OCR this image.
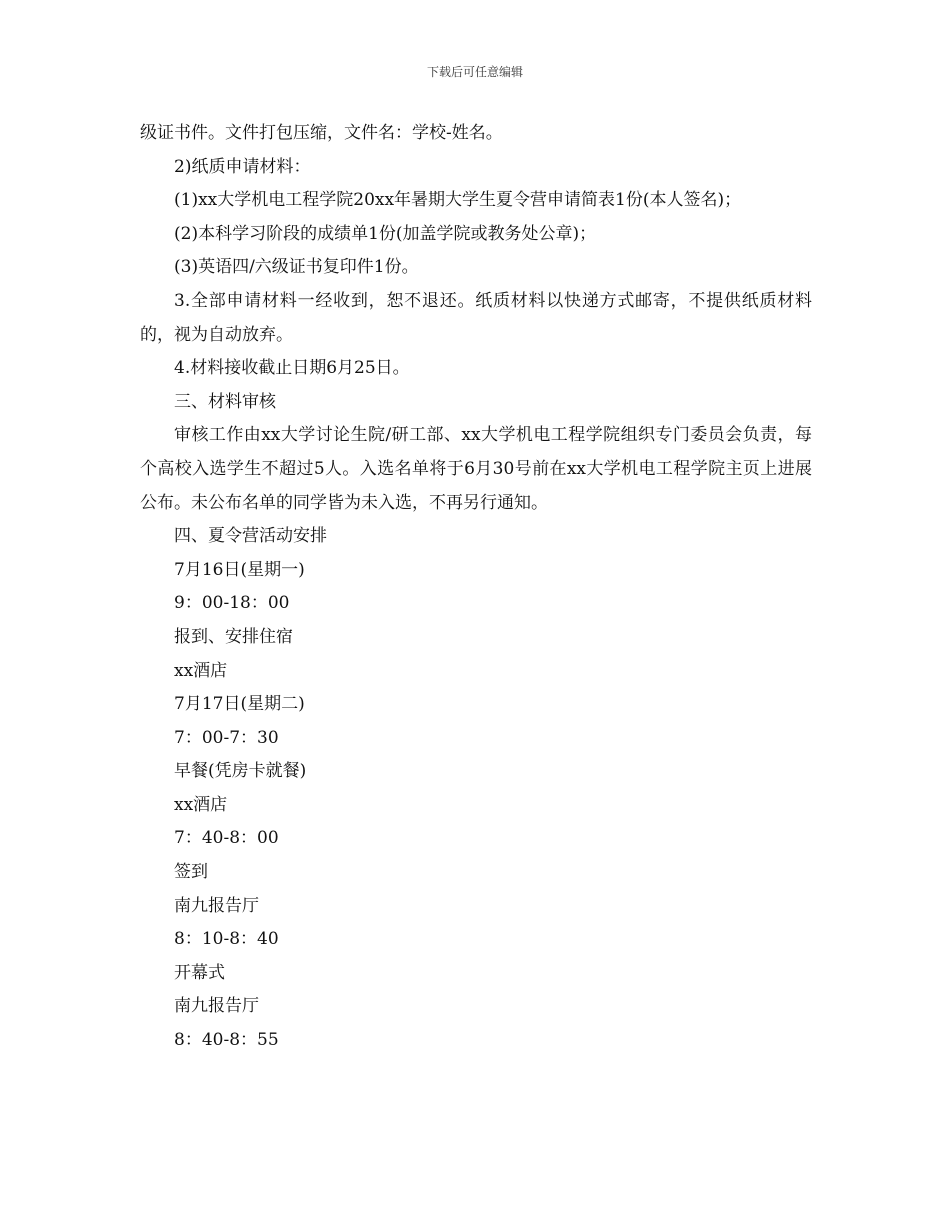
下载后可任意编辑

级证书件。文件打包压缩，文件名：学校-姓名。

2)纸质申请材料：

(1)xx大学机电工程学院20xx年暑期大学生夏令营申请简表1份(本人签名)；

(2)本科学习阶段的成绩单1份(加盖学院或教务处公章)；

(3)英语四/六级证书复印件1份。

3.全部申请材料一经收到，恕不退还。纸质材料以快递方式邮寄，不提供纸质材料的，视为自动放弃。

4.材料接收截止日期6月25日。

三、材料审核

审核工作由xx大学讨论生院/研工部、xx大学机电工程学院组织专门委员会负责，每个高校入选学生不超过5人。入选名单将于6月30号前在xx大学机电工程学院主页上进展公布。未公布名单的同学皆为未入选，不再另行通知。

四、夏令营活动安排

7月16日(星期一)

9：00-18：00

报到、安排住宿

xx酒店

7月17日(星期二)

7：00-7：30

早餐(凭房卡就餐)

xx酒店

7：40-8：00

签到

南九报告厅

8：10-8：40

开幕式

南九报告厅

8：40-8：55
